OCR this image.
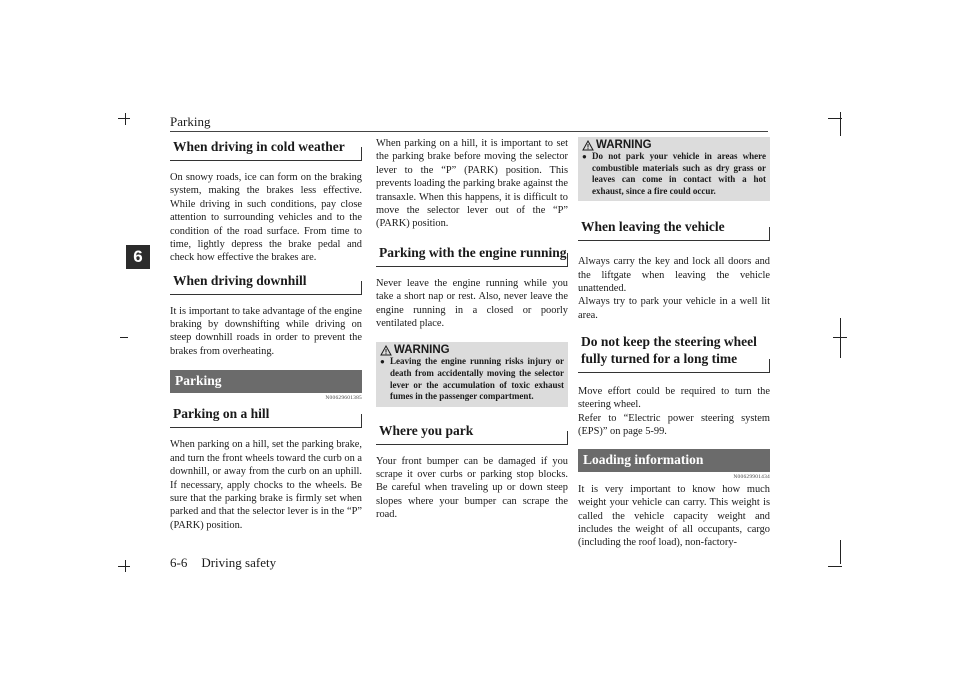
Parking
6
6-6 Driving safety
When driving in cold weather

On snowy roads, ice can form on the braking system, making the brakes less effective. While driving in such conditions, pay close attention to surrounding vehicles and to the condition of the road surface. From time to time, lightly depress the brake pedal and check how effective the brakes are.

When driving downhill

It is important to take advantage of the engine braking by downshifting while driving on steep downhill roads in order to prevent the brakes from overheating.

Parking
N00629601385
Parking on a hill

When parking on a hill, set the parking brake, and turn the front wheels toward the curb on a downhill, or away from the curb on an uphill. If necessary, apply chocks to the wheels. Be sure that the parking brake is firmly set when parked and that the selector lever is in the “P” (PARK) position.

When parking on a hill, it is important to set the parking brake before moving the selector lever to the “P” (PARK) position. This prevents loading the parking brake against the transaxle. When this happens, it is difficult to move the selector lever out of the “P” (PARK) position.

Parking with the engine running

Never leave the engine running while you take a short nap or rest. Also, never leave the engine running in a closed or poorly ventilated place.

WARNING
● Leaving the engine running risks injury or death from accidentally moving the selector lever or the accumulation of toxic exhaust fumes in the passenger compartment.
Where you park

Your front bumper can be damaged if you scrape it over curbs or parking stop blocks. Be careful when traveling up or down steep slopes where your bumper can scrape the road.

WARNING
● Do not park your vehicle in areas where combustible materials such as dry grass or leaves can come in contact with a hot exhaust, since a fire could occur.
When leaving the vehicle

Always carry the key and lock all doors and the liftgate when leaving the vehicle unattended.

Always try to park your vehicle in a well lit area.

Do not keep the steering wheel fully turned for a long time

Move effort could be required to turn the steering wheel.

Refer to “Electric power steering system (EPS)” on page 5-99.

Loading information
N00629901434

It is very important to know how much weight your vehicle can carry. This weight is called the vehicle capacity weight and includes the weight of all occupants, cargo (including the roof load), non-factory-
